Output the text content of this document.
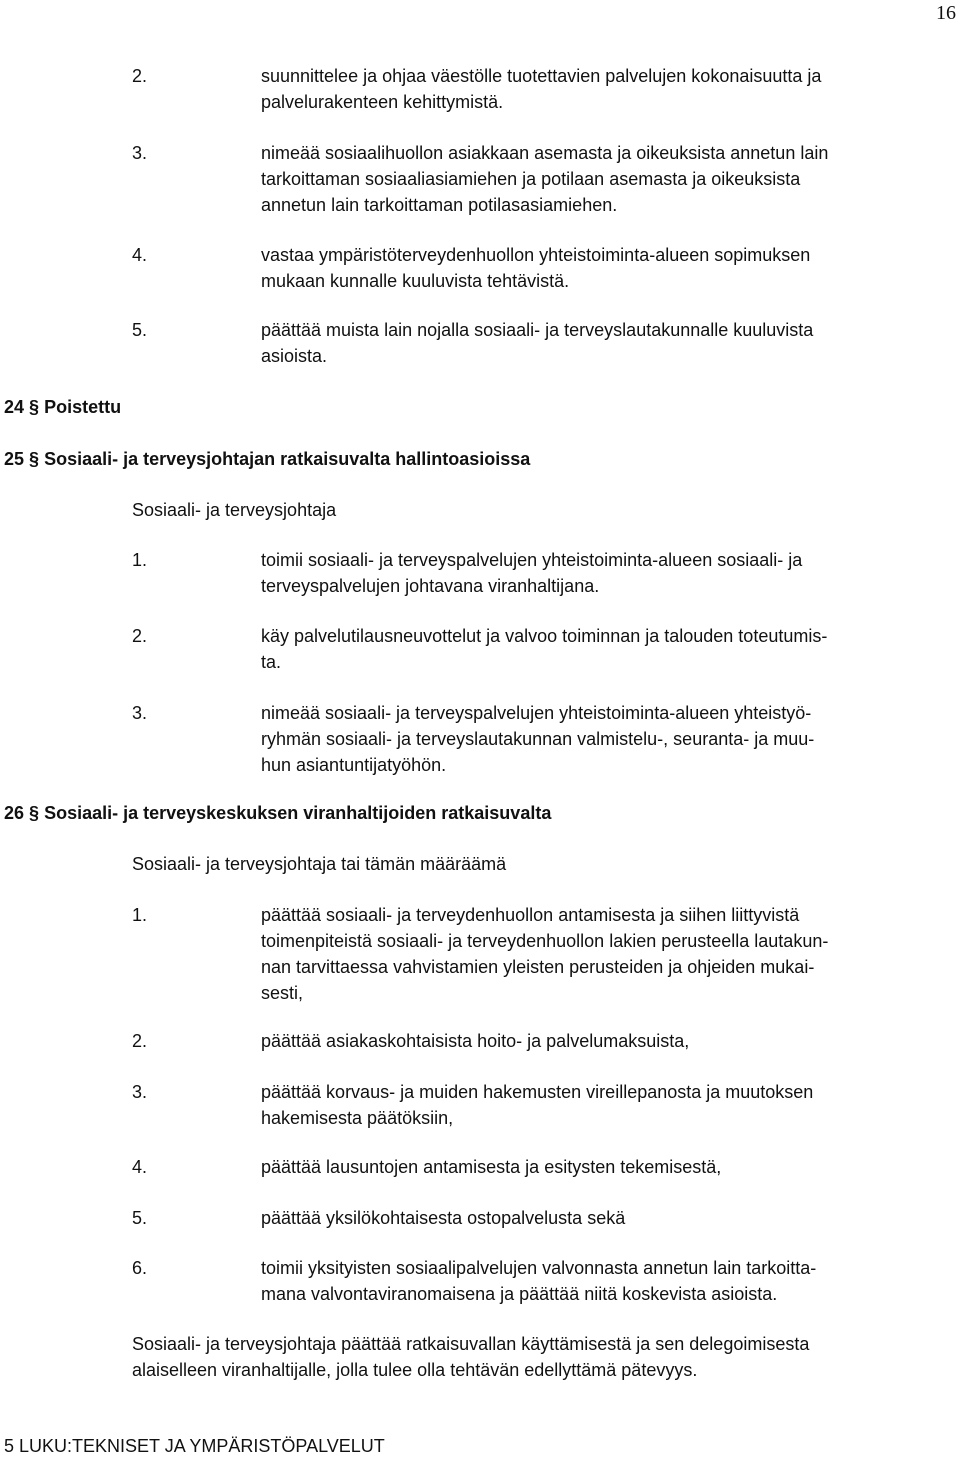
16
2.	suunnittelee ja ohjaa väestölle tuotettavien palvelujen kokonaisuutta ja
palvelurakenteen kehittymistä.
3.	nimeää sosiaalihuollon asiakkaan asemasta ja oikeuksista annetun lain
tarkoittaman sosiaaliasiamiehen ja potilaan asemasta ja oikeuksista
annetun lain tarkoittaman potilasasiamiehen.
4.	vastaa ympäristöterveydenhuollon yhteistoiminta-alueen sopimuksen
mukaan kunnalle kuuluvista tehtävistä.
5.	päättää muista lain nojalla sosiaali- ja terveyslautakunnalle kuuluvista
asioista.
24 § Poistettu
25 § Sosiaali- ja terveysjohtajan ratkaisuvalta hallintoasioissa
Sosiaali- ja terveysjohtaja
1.	toimii sosiaali- ja terveyspalvelujen yhteistoiminta-alueen sosiaali- ja
terveyspalvelujen johtavana viranhaltijana.
2.	käy palvelutilausneuvottelut ja valvoo toiminnan ja talouden toteutumis-
ta.
3.	nimeää sosiaali- ja terveyspalvelujen yhteistoiminta-alueen yhteistyö-
ryhmän sosiaali- ja terveyslautakunnan valmistelu-, seuranta- ja muu-
hun asiantuntijatyöhön.
26 § Sosiaali- ja terveyskeskuksen viranhaltijoiden ratkaisuvalta
Sosiaali- ja terveysjohtaja tai tämän määräämä
1.	päättää sosiaali- ja terveydenhuollon antamisesta ja siihen liittyvistä
toimenpiteistä sosiaali- ja terveydenhuollon lakien perusteella lautakun-
nan tarvittaessa vahvistamien yleisten perusteiden ja ohjeiden mukai-
sesti,
2.	päättää asiakaskohtaisista hoito- ja palvelumaksuista,
3.	päättää korvaus- ja muiden hakemusten vireillepanosta ja muutoksen
hakemisesta päätöksiin,
4.	päättää lausuntojen antamisesta ja esitysten tekemisestä,
5.	päättää yksilökohtaisesta ostopalvelusta sekä
6.	toimii yksityisten sosiaalipalvelujen valvonnasta annetun lain tarkoitta-
mana valvontaviranomaisena ja päättää niitä koskevista asioista.
Sosiaali- ja terveysjohtaja päättää ratkaisuvallan käyttämisestä ja sen delegoimisesta
alaiselleen viranhaltijalle, jolla tulee olla tehtävän edellyttämä pätevyys.
5 LUKU:TEKNISET JA YMPÄRISTÖPALVELUT
